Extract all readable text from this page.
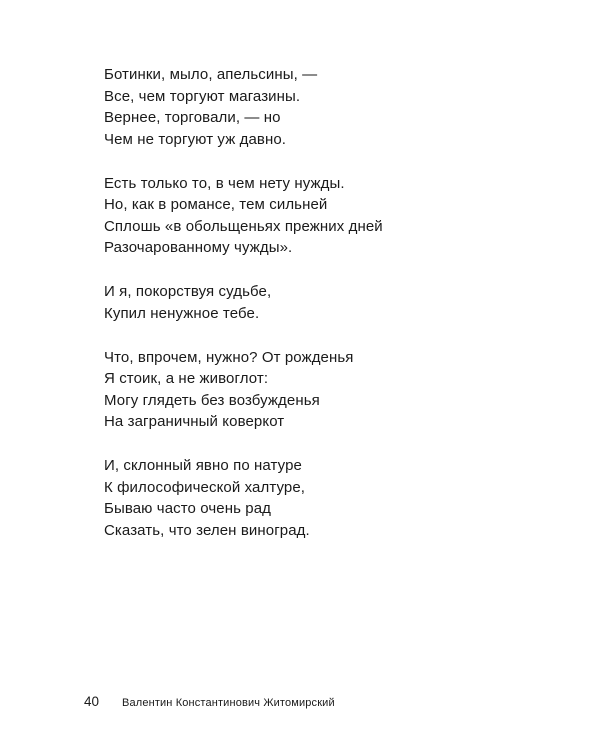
Ботинки, мыло, апельсины, —
Все, чем торгуют магазины.
Вернее, торговали, — но
Чем не торгуют уж давно.
Есть только то, в чем нету нужды.
Но, как в романсе, тем сильней
Сплошь «в обольщеньях прежних дней
Разочарованному чужды».
И я, покорствуя судьбе,
Купил ненужное тебе.
Что, впрочем, нужно? От рожденья
Я стоик, а не живоглот:
Могу глядеть без возбужденья
На заграничный коверкот
И, склонный явно по натуре
К философической халтуре,
Бываю часто очень рад
Сказать, что зелен виноград.
40	Валентин Константинович Житомирский
